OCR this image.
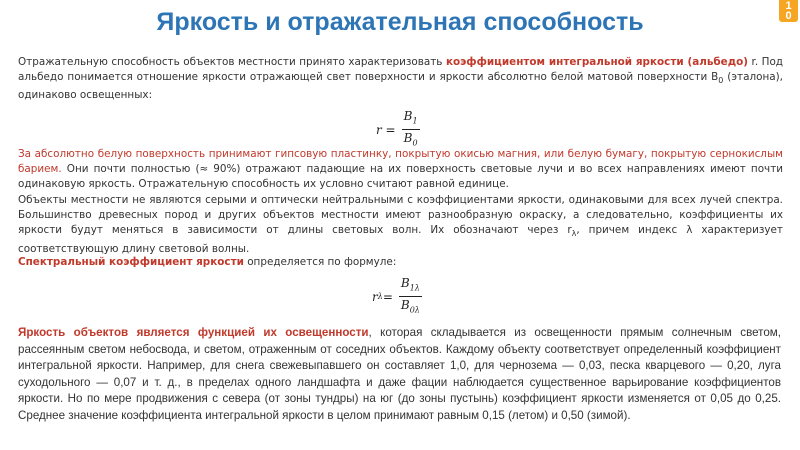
Яркость и отражательная способность
1
0

Отражательную способность объектов местности принято характеризовать коэффициентом интегральной яркости (альбедо) r. Под альбедо понимается отношение яркости отражающей свет поверхности и яркости абсолютно белой матовой поверхности $B_0$ (эталона), одинаково освещенных:

$r = \frac{B_1}{B_0}$

За абсолютно белую поверхность принимают гипсовую пластинку, покрытую окисью магния, или белую бумагу, покрытую сернокислым барием. Они почти полностью (≈ 90%) отражают падающие на их поверхность световые лучи и во всех направлениях имеют почти одинаковую яркость. Отражательную способность их условно считают равной единице.

Объекты местности не являются серыми и оптически нейтральными с коэффициентами яркости, одинаковыми для всех лучей спектра. Большинство древесных пород и других объектов местности имеют разнообразную окраску, а следовательно, коэффициенты их яркости будут меняться в зависимости от длины световых волн. Их обозначают через $r_\lambda$, причем индекс λ характеризует соответствующую длину световой волны.

Спектральный коэффициент яркости определяется по формуле:

r $\lambda = \frac{B_{1\lambda}}{B_{0\lambda}}$

Яркость объектов является функцией их освещенности, которая складывается из освещенности прямым солнечным светом, рассеянным светом небосвода, и светом, отраженным от соседних объектов. Каждому объекту соответствует определенный коэффициент интегральной яркости. Например, для снега свежевыпавшего он составляет 1,0, для чернозема — 0,03, песка кварцевого — 0,20, луга суходольного — 0,07 и т. д., в пределах одного ландшафта и даже фации наблюдается существенное варьирование коэффициентов яркости. Но по мере продвижения с севера (от зоны тундры) на юг (до зоны пустынь) коэффициент яркости изменяется от 0,05 до 0,25. Среднее значение коэффициента интегральной яркости в целом принимают равным 0,15 (летом) и 0,50 (зимой).
